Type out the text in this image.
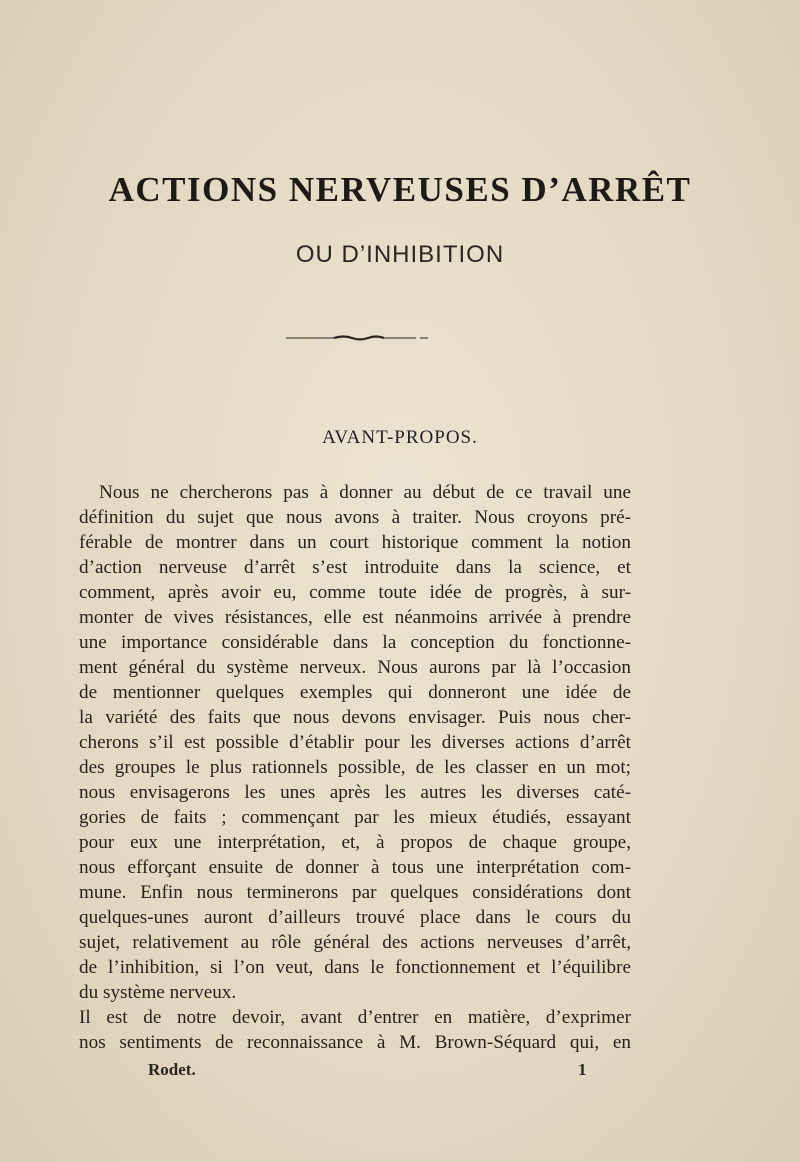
ACTIONS NERVEUSES D’ARRÊT
OU D’INHIBITION
AVANT-PROPOS.
Nous ne chercherons pas à donner au début de ce travail une
définition du sujet que nous avons à traiter. Nous croyons pré-
férable de montrer dans un court historique comment la notion
d’action nerveuse d’arrêt s’est introduite dans la science, et
comment, après avoir eu, comme toute idée de progrès, à sur-
monter de vives résistances, elle est néanmoins arrivée à prendre
une importance considérable dans la conception du fonctionne-
ment général du système nerveux. Nous aurons par là l’occasion
de mentionner quelques exemples qui donneront une idée de
la variété des faits que nous devons envisager. Puis nous cher-
cherons s’il est possible d’établir pour les diverses actions d’arrêt
des groupes le plus rationnels possible, de les classer en un mot;
nous envisagerons les unes après les autres les diverses caté-
gories de faits ; commençant par les mieux étudiés, essayant
pour eux une interprétation, et, à propos de chaque groupe,
nous efforçant ensuite de donner à tous une interprétation com-
mune. Enfin nous terminerons par quelques considérations dont
quelques-unes auront d’ailleurs trouvé place dans le cours du
sujet, relativement au rôle général des actions nerveuses d’arrêt,
de l’inhibition, si l’on veut, dans le fonctionnement et l’équilibre
du système nerveux.
Il est de notre devoir, avant d’entrer en matière, d’exprimer
nos sentiments de reconnaissance à M. Brown-Séquard qui, en
Rodet.	1
